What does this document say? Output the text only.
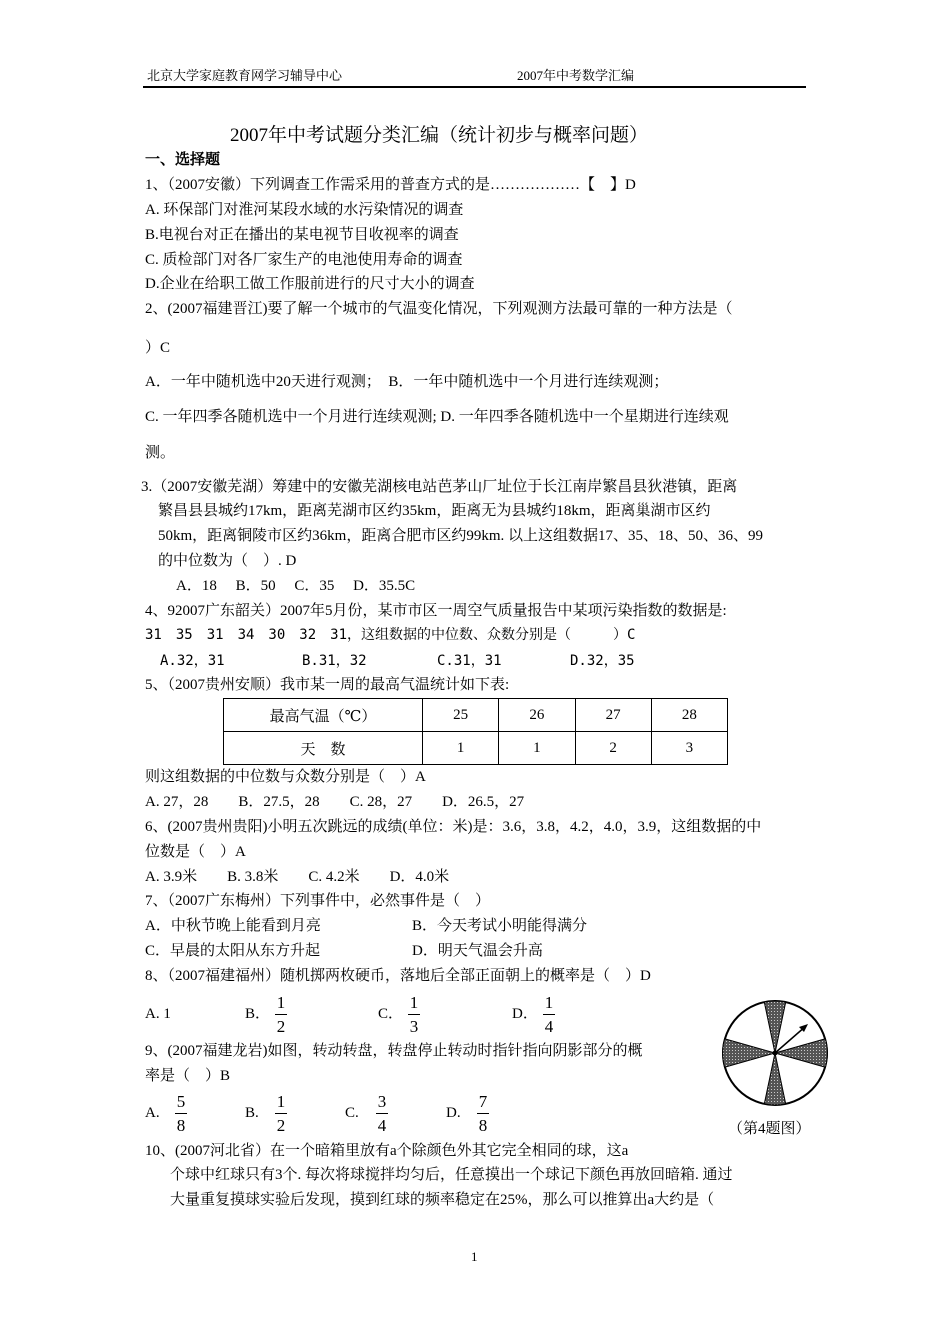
北京大学家庭教育网学习辅导中心	2007年中考数学汇编
2007年中考试题分类汇编（统计初步与概率问题）
一、选择题
1、（2007安徽）下列调查工作需采用的普查方式的是………………【　】D
A. 环保部门对淮河某段水域的水污染情况的调查
B.电视台对正在播出的某电视节目收视率的调查
C. 质检部门对各厂家生产的电池使用寿命的调查
D.企业在给职工做工作服前进行的尺寸大小的调查
2、(2007福建晋江)要了解一个城市的气温变化情况，下列观测方法最可靠的一种方法是（
）C
A．一年中随机选中20天进行观测；　B．一年中随机选中一个月进行连续观测；
C. 一年四季各随机选中一个月进行连续观测; D. 一年四季各随机选中一个星期进行连续观
测。
3.（2007安徽芜湖）筹建中的安徽芜湖核电站芭茅山厂址位于长江南岸繁昌县狄港镇，距离
繁昌县县城约17km，距离芜湖市区约35km，距离无为县城约18km，距离巢湖市区约
50km，距离铜陵市区约36km，距离合肥市区约99km. 以上这组数据17、35、18、50、36、99
的中位数为（　）. D
A．18　 B．50　 C．35　 D．35.5C
4、92007广东韶关）2007年5月份，某市市区一周空气质量报告中某项污染指数的数据是:
31　35　31　34　30　32　31，这组数据的中位数、众数分别是（　　　）C
A.32，31	B.31，32	C.31，31	D.32，35
5、（2007贵州安顺）我市某一周的最高气温统计如下表:
最高气温（℃）	25	26	27	28
天　数	1	1	2	3
则这组数据的中位数与众数分别是（　）A
A. 27，28　　B．27.5，28　　C. 28，27　　D．26.5，27
6、(2007贵州贵阳)小明五次跳远的成绩(单位：米)是：3.6，3.8，4.2，4.0，3.9，这组数据的中
位数是（　）A
A. 3.9米　　B. 3.8米　　C. 4.2米　　D．4.0米
7、（2007广东梅州）下列事件中，必然事件是（　）
A．中秋节晚上能看到月亮	B．今天考试小明能得满分
C．早晨的太阳从东方升起	D．明天气温会升高
8、（2007福建福州）随机掷两枚硬币，落地后全部正面朝上的概率是（　）D
A. 1	B．
1
2
C．
1
3
D．
1
4
9、(2007福建龙岩)如图，转动转盘，转盘停止转动时指针指向阴影部分的概
率是（　）B
A.
5
8
B.
1
2
C.
3
4
D.
7
8	（第4题图）
10、(2007河北省）在一个暗箱里放有a个除颜色外其它完全相同的球，这a
个球中红球只有3个. 每次将球搅拌均匀后，任意摸出一个球记下颜色再放回暗箱. 通过
大量重复摸球实验后发现，摸到红球的频率稳定在25%，那么可以推算出a大约是（
1
